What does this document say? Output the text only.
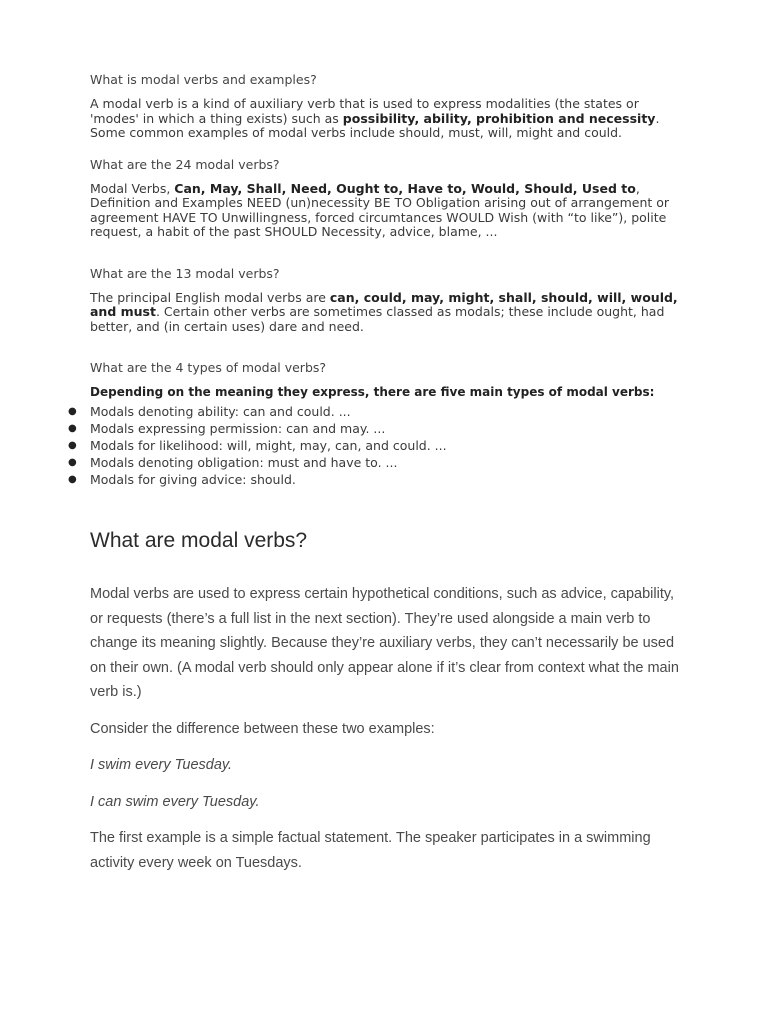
What is modal verbs and examples?

A modal verb is a kind of auxiliary verb that is used to express modalities (the states or 'modes' in which a thing exists) such as possibility, ability, prohibition and necessity. Some common examples of modal verbs include should, must, will, might and could.

What are the 24 modal verbs?

Modal Verbs, Can, May, Shall, Need, Ought to, Have to, Would, Should, Used to, Definition and Examples NEED (un)necessity BE TO Obligation arising out of arrangement or agreement HAVE TO Unwillingness, forced circumtances WOULD Wish (with “to like”), polite request, a habit of the past SHOULD Necessity, advice, blame, ...

What are the 13 modal verbs?

The principal English modal verbs are can, could, may, might, shall, should, will, would, and must. Certain other verbs are sometimes classed as modals; these include ought, had better, and (in certain uses) dare and need.

What are the 4 types of modal verbs?

Depending on the meaning they express, there are five main types of modal verbs:

● Modals denoting ability: can and could. ...
● Modals expressing permission: can and may. ...
● Modals for likelihood: will, might, may, can, and could. ...
● Modals denoting obligation: must and have to. ...
● Modals for giving advice: should.
What are modal verbs?

Modal verbs are used to express certain hypothetical conditions, such as advice, capability, or requests (there’s a full list in the next section). They’re used alongside a main verb to change its meaning slightly. Because they’re auxiliary verbs, they can’t necessarily be used on their own. (A modal verb should only appear alone if it’s clear from context what the main verb is.)

Consider the difference between these two examples:

I swim every Tuesday.

I can swim every Tuesday.

The first example is a simple factual statement. The speaker participates in a swimming activity every week on Tuesdays.
